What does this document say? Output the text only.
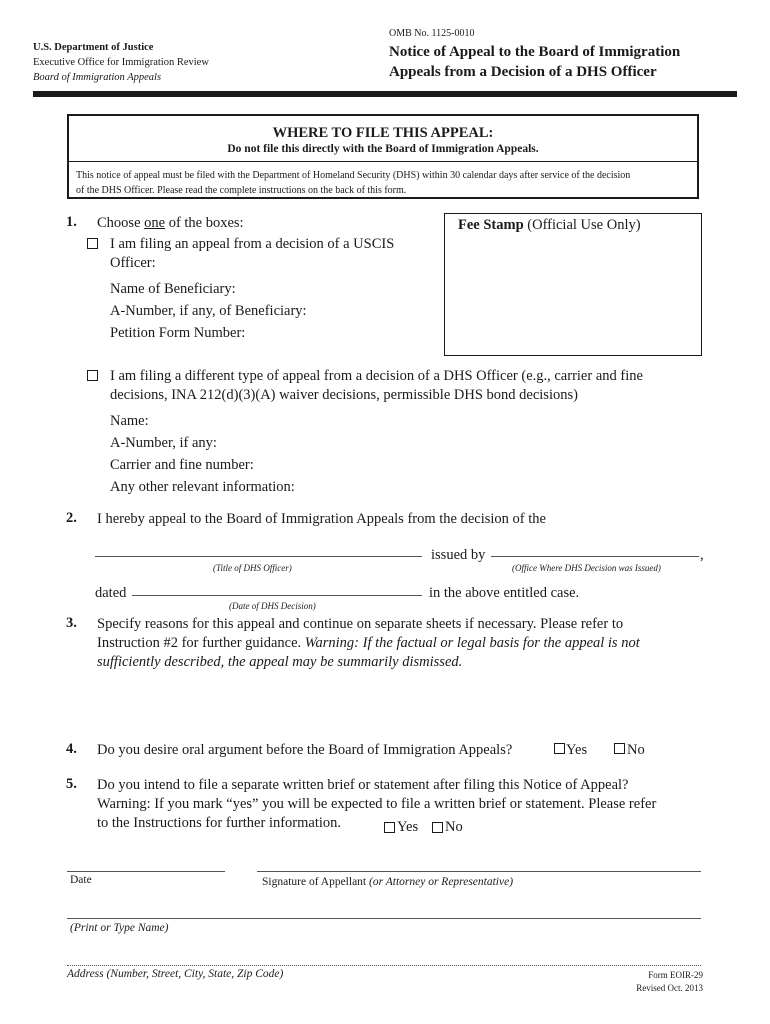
U.S. Department of Justice
Executive Office for Immigration Review
Board of Immigration Appeals
OMB No. 1125-0010
Notice of Appeal to the Board of Immigration
Appeals from a Decision of a DHS Officer
WHERE TO FILE THIS APPEAL:
Do not file this directly with the Board of Immigration Appeals.
This notice of appeal must be filed with the Department of Homeland Security (DHS) within 30 calendar days after service of the decision
of the DHS Officer. Please read the complete instructions on the back of this form.
1. Choose one of the boxes:
I am filing an appeal from a decision of a USCIS
Officer:
Name of Beneficiary:
A-Number, if any, of Beneficiary:
Petition Form Number:
Fee Stamp (Official Use Only)
I am filing a different type of appeal from a decision of a DHS Officer (e.g., carrier and fine
decisions, INA 212(d)(3)(A) waiver decisions, permissible DHS bond decisions)
Name:
A-Number, if any:
Carrier and fine number:
Any other relevant information:
2. I hereby appeal to the Board of Immigration Appeals from the decision of the
issued by	,
(Title of DHS Officer)	(Office Where DHS Decision was Issued)
dated	in the above entitled case.
(Date of DHS Decision)
3. Specify reasons for this appeal and continue on separate sheets if necessary. Please refer to
Instruction #2 for further guidance. Warning: If the factual or legal basis for the appeal is not
sufficiently described, the appeal may be summarily dismissed.
4. Do you desire oral argument before the Board of Immigration Appeals?	Yes	No
5. Do you intend to file a separate written brief or statement after filing this Notice of Appeal?
Warning: If you mark “yes” you will be expected to file a written brief or statement. Please refer
to the Instructions for further information.	Yes No
Date	Signature of Appellant (or Attorney or Representative)
(Print or Type Name)
Address (Number, Street, City, State, Zip Code)	Form EOIR-29
Revised Oct. 2013
